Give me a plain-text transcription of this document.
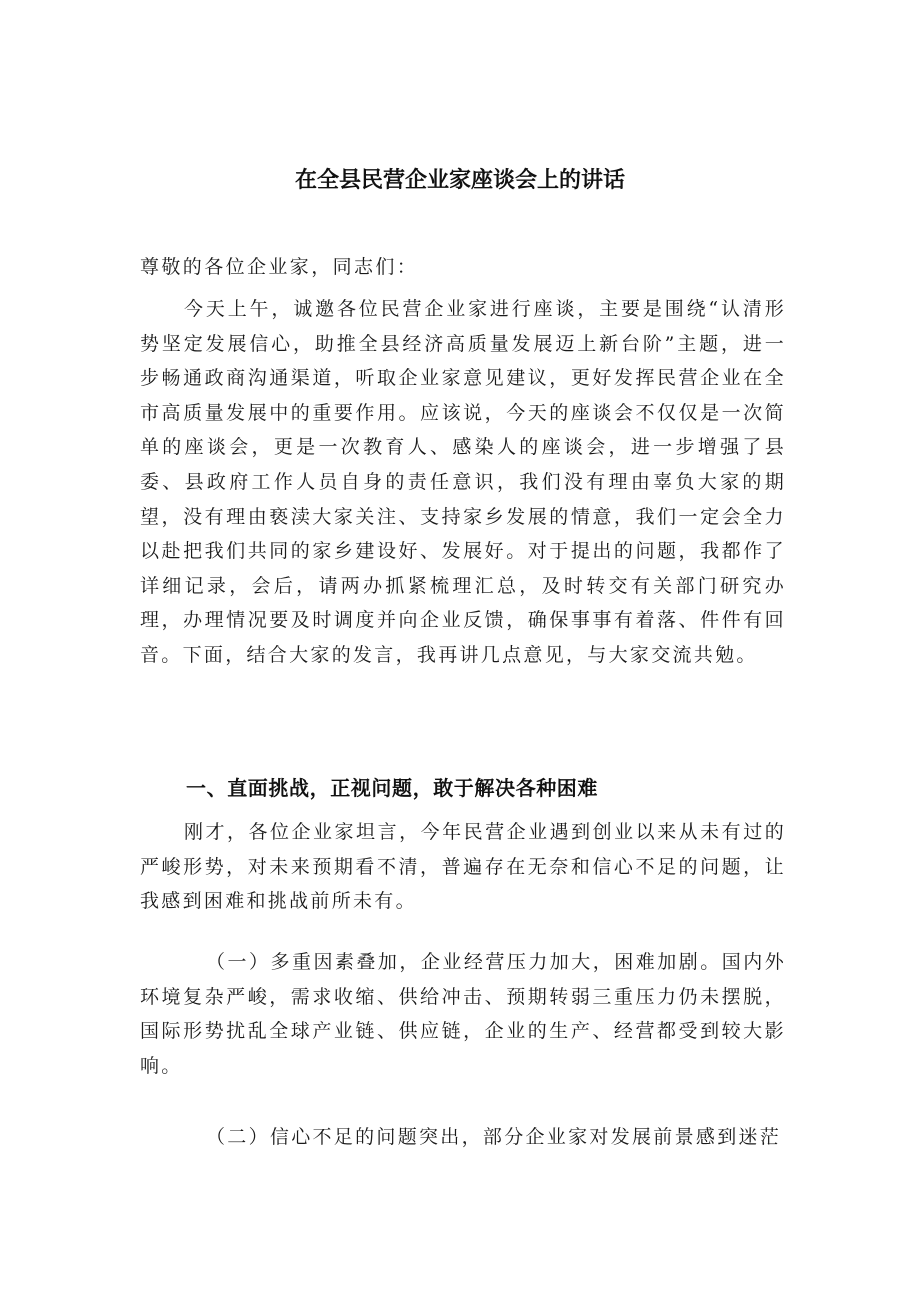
在全县民营企业家座谈会上的讲话

尊敬的各位企业家，同志们：

今天上午，诚邀各位民营企业家进行座谈，主要是围绕“认清形势坚定发展信心，助推全县经济高质量发展迈上新台阶”主题，进一步畅通政商沟通渠道，听取企业家意见建议，更好发挥民营企业在全市高质量发展中的重要作用。应该说，今天的座谈会不仅仅是一次简单的座谈会，更是一次教育人、感染人的座谈会，进一步增强了县委、县政府工作人员自身的责任意识，我们没有理由辜负大家的期望，没有理由亵渎大家关注、支持家乡发展的情意，我们一定会全力以赴把我们共同的家乡建设好、发展好。对于提出的问题，我都作了详细记录，会后，请两办抓紧梳理汇总，及时转交有关部门研究办理，办理情况要及时调度并向企业反馈，确保事事有着落、件件有回音。下面，结合大家的发言，我再讲几点意见，与大家交流共勉。

一、直面挑战，正视问题，敢于解决各种困难

刚才，各位企业家坦言，今年民营企业遇到创业以来从未有过的严峻形势，对未来预期看不清，普遍存在无奈和信心不足的问题，让我感到困难和挑战前所未有。

（一）多重因素叠加，企业经营压力加大，困难加剧。国内外环境复杂严峻，需求收缩、供给冲击、预期转弱三重压力仍未摆脱，国际形势扰乱全球产业链、供应链，企业的生产、经营都受到较大影响。

（二）信心不足的问题突出，部分企业家对发展前景感到迷茫
